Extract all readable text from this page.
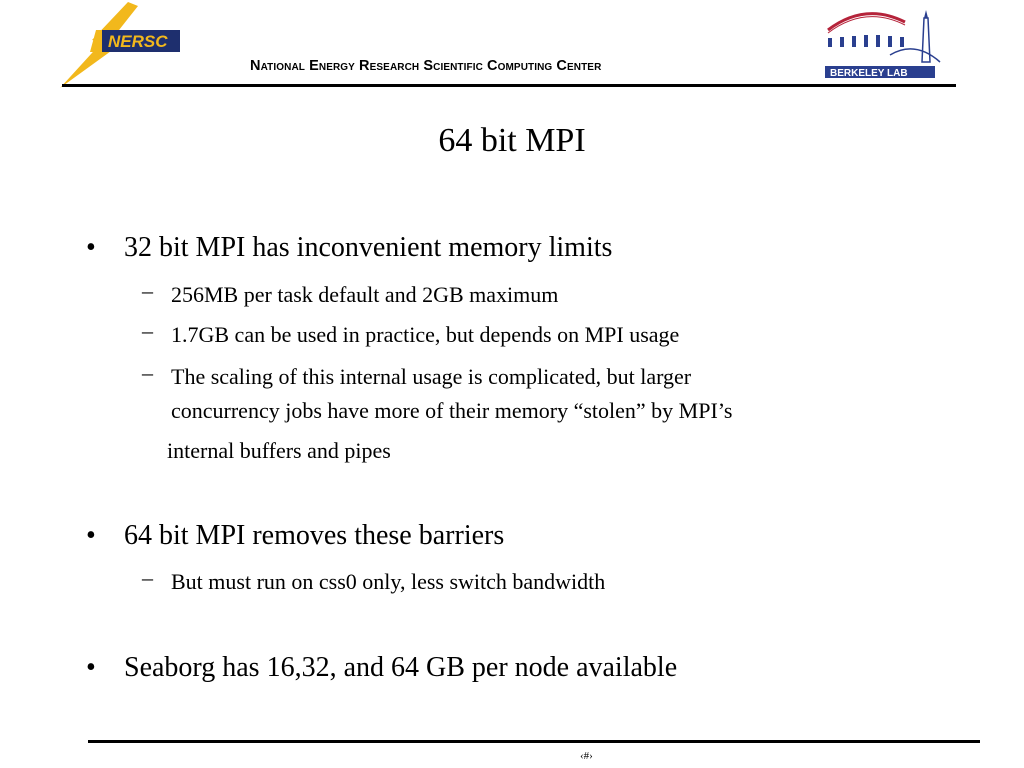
NERSC
National Energy Research Scientific Computing Center	BERKELEY LAB
64 bit MPI
• 32 bit MPI has inconvenient memory limits
– 256MB per task default and 2GB maximum
– 1.7GB can be used in practice, but depends on MPI usage
– The scaling of this internal usage is complicated, but larger
concurrency jobs have more of their memory “stolen” by MPI’s
internal buffers and pipes
• 64 bit MPI removes these barriers
– But must run on css0 only, less switch bandwidth
• Seaborg has 16,32, and 64 GB per node available
‹#›
